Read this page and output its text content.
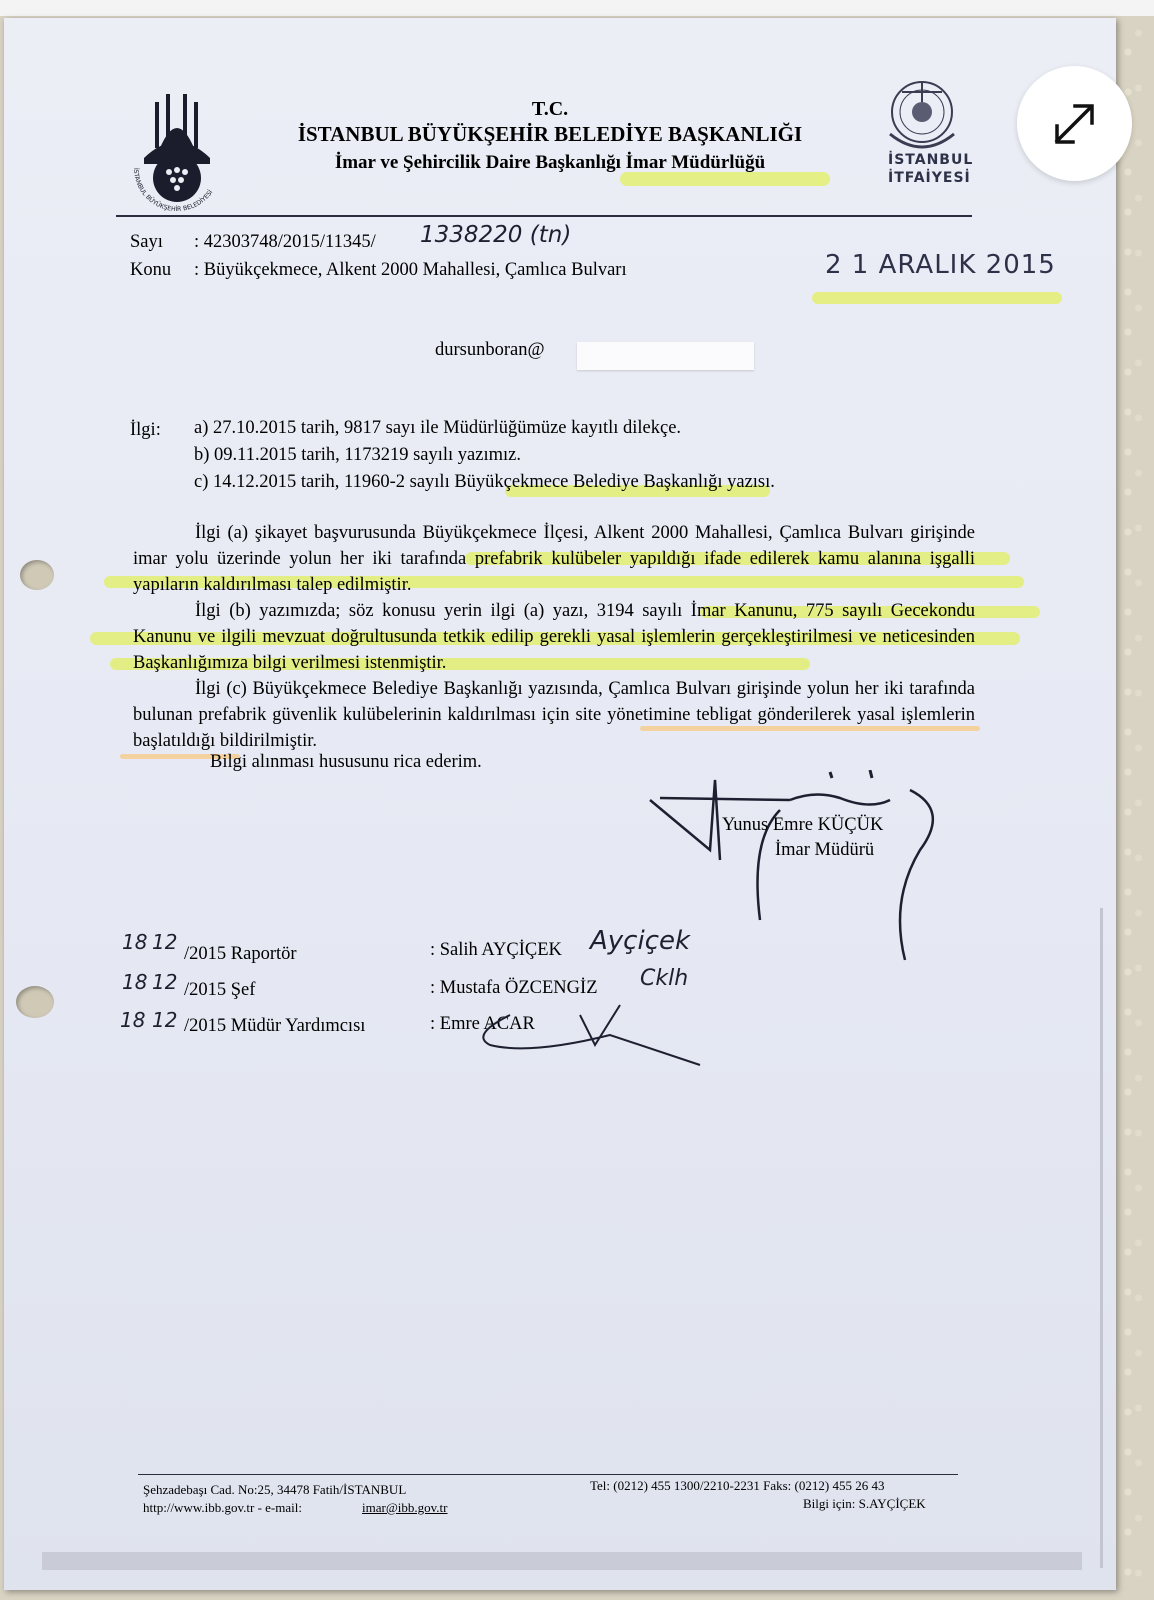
İSTANBUL BÜYÜKŞEHİR BELEDİYESİ
İSTANBUL
İTFAİYESİ
T.C.
İSTANBUL BÜYÜKŞEHİR BELEDİYE BAŞKANLIĞI
İmar ve Şehircilik Daire Başkanlığı İmar Müdürlüğü
Sayı : 42303748/2015/11345/ 1338220 (tn)
Konu : Büyükçekmece, Alkent 2000 Mahallesi, Çamlıca Bulvarı	2 1 ARALIK 2015
dursunboran@
İlgi: a) 27.10.2015 tarih, 9817 sayı ile Müdürlüğümüze kayıtlı dilekçe.
b) 09.11.2015 tarih, 1173219 sayılı yazımız.
c) 14.12.2015 tarih, 11960-2 sayılı Büyükçekmece Belediye Başkanlığı yazısı.
İlgi (a) şikayet başvurusunda Büyükçekmece İlçesi, Alkent 2000 Mahallesi, Çamlıca Bulvarı girişinde imar yolu üzerinde yolun her iki tarafında prefabrik kulübeler yapıldığı ifade edilerek kamu alanına işgalli yapıların kaldırılması talep edilmiştir.
İlgi (b) yazımızda; söz konusu yerin ilgi (a) yazı, 3194 sayılı İmar Kanunu, 775 sayılı Gecekondu Kanunu ve ilgili mevzuat doğrultusunda tetkik edilip gerekli yasal işlemlerin gerçekleştirilmesi ve neticesinden Başkanlığımıza bilgi verilmesi istenmiştir.
İlgi (c) Büyükçekmece Belediye Başkanlığı yazısında, Çamlıca Bulvarı girişinde yolun her iki tarafında bulunan prefabrik güvenlik kulübelerinin kaldırılması için site yönetimine tebligat gönderilerek yasal işlemlerin başlatıldığı bildirilmiştir.
Bilgi alınması hususunu rica ederim.
Yunus Emre KÜÇÜK
İmar Müdürü
18 12 /2015 Raportör	: Salih AYÇİÇEK Ayçiçek
18 12 /2015 Şef	: Mustafa ÖZCENGİZ Cklh
18 12 /2015 Müdür Yardımcısı	: Emre ACAR
Şehzadebaşı Cad. No:25, 34478 Fatih/İSTANBUL
http://www.ibb.gov.tr - e-mail:	imar@ibb.gov.tr
Tel: (0212) 455 1300/2210-2231 Faks: (0212) 455 26 43
Bilgi için: S.AYÇİÇEK
